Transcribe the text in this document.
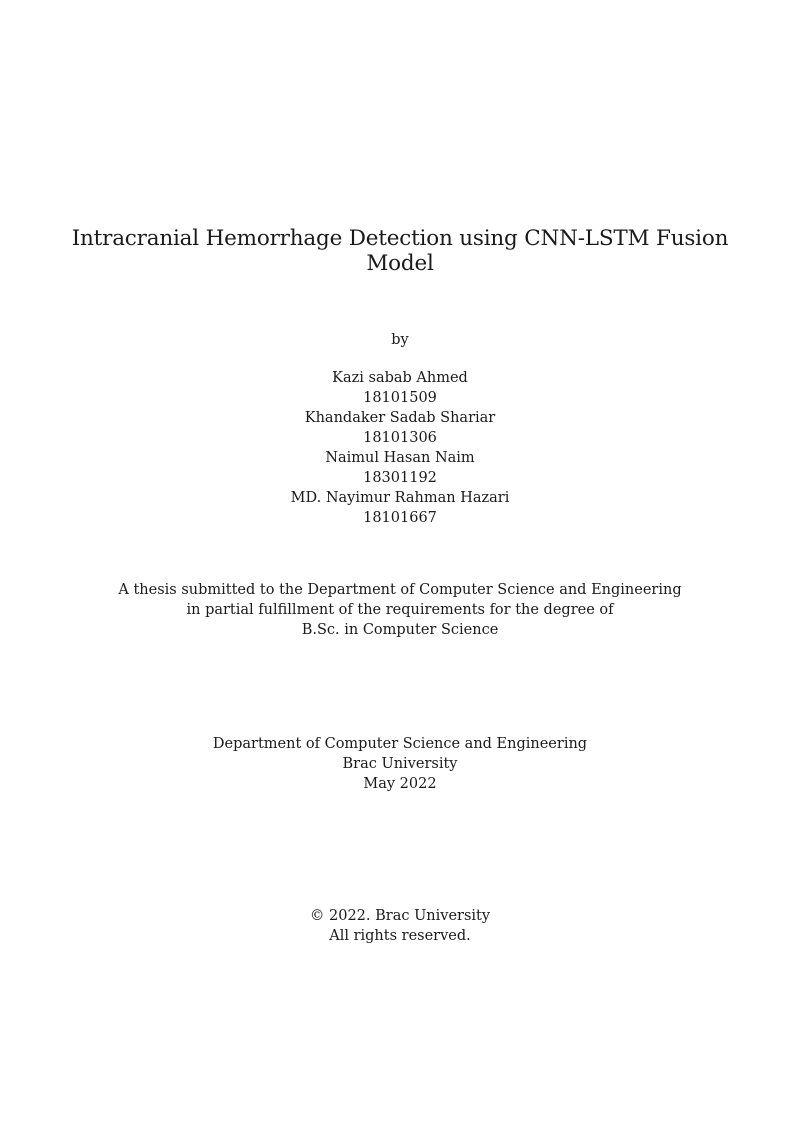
Intracranial Hemorrhage Detection using CNN-LSTM Fusion
Model
by
Kazi sabab Ahmed
18101509
Khandaker Sadab Shariar
18101306
Naimul Hasan Naim
18301192
MD. Nayimur Rahman Hazari
18101667
A thesis submitted to the Department of Computer Science and Engineering
in partial fulfillment of the requirements for the degree of
B.Sc. in Computer Science
Department of Computer Science and Engineering
Brac University
May 2022
© 2022. Brac University
All rights reserved.
